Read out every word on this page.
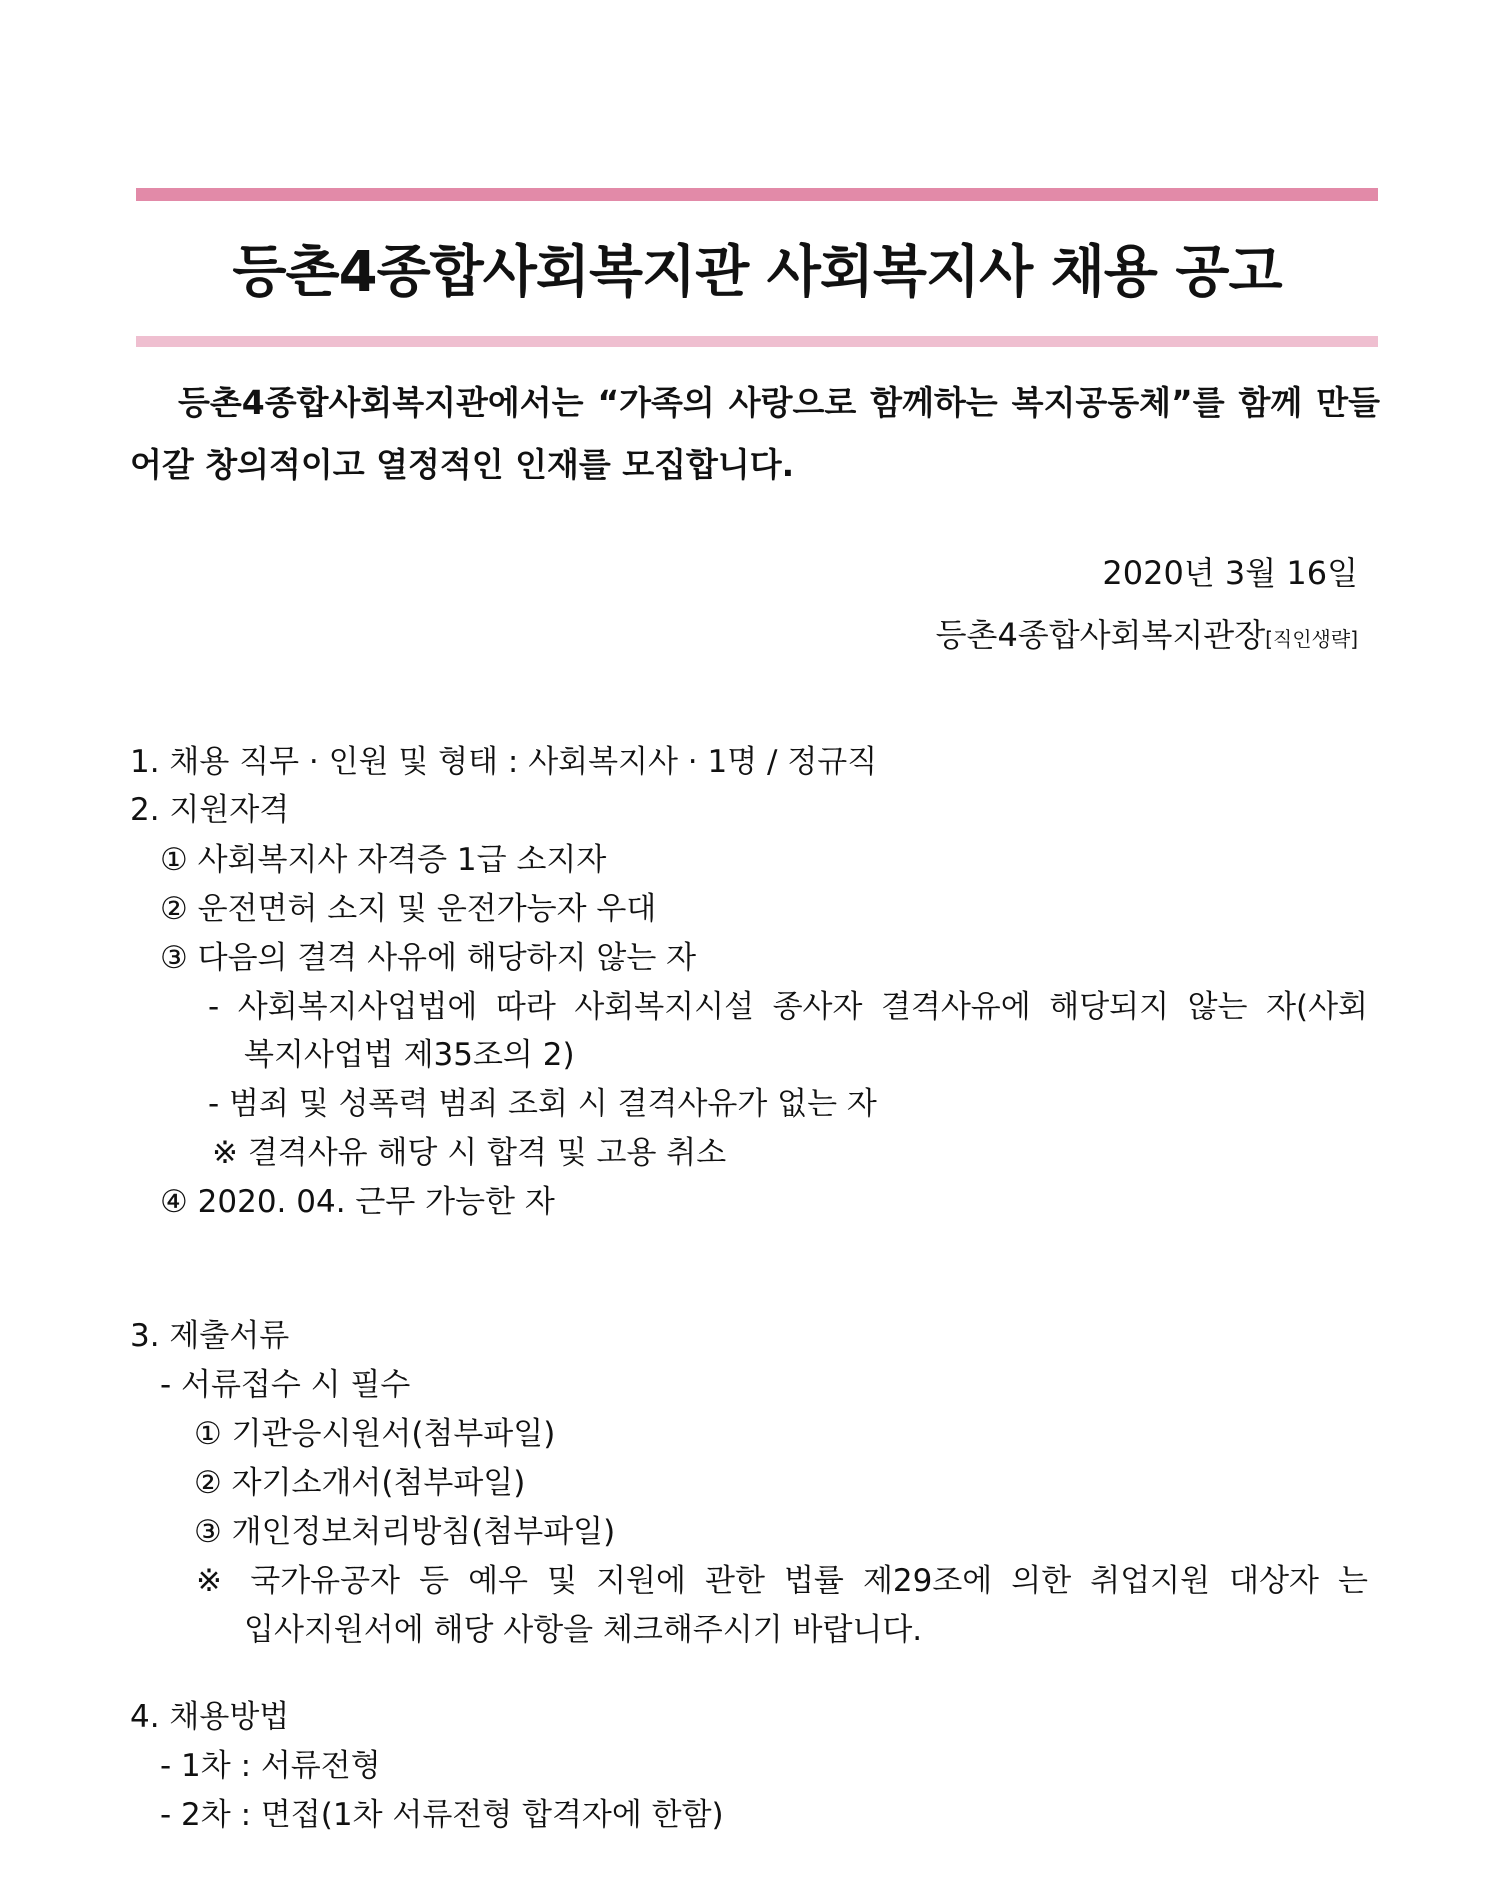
등촌4종합사회복지관 사회복지사 채용 공고
등촌4종합사회복지관에서는 “가족의 사랑으로 함께하는 복지공동체”를 함께 만들
어갈 창의적이고 열정적인 인재를 모집합니다.
2020년 3월 16일
등촌4종합사회복지관장[직인생략]
1. 채용 직무 · 인원 및 형태 : 사회복지사 · 1명 / 정규직
2. 지원자격
① 사회복지사 자격증 1급 소지자
② 운전면허 소지 및 운전가능자 우대
③ 다음의 결격 사유에 해당하지 않는 자
- 사회복지사업법에 따라 사회복지시설 종사자 결격사유에 해당되지 않는 자(사회
복지사업법 제35조의 2)
- 범죄 및 성폭력 범죄 조회 시 결격사유가 없는 자
※ 결격사유 해당 시 합격 및 고용 취소
④ 2020. 04. 근무 가능한 자
3. 제출서류
- 서류접수 시 필수
① 기관응시원서(첨부파일)
② 자기소개서(첨부파일)
③ 개인정보처리방침(첨부파일)
※ 국가유공자 등 예우 및 지원에 관한 법률 제29조에 의한 취업지원 대상자 는
입사지원서에 해당 사항을 체크해주시기 바랍니다.
4. 채용방법
- 1차 : 서류전형
- 2차 : 면접(1차 서류전형 합격자에 한함)
